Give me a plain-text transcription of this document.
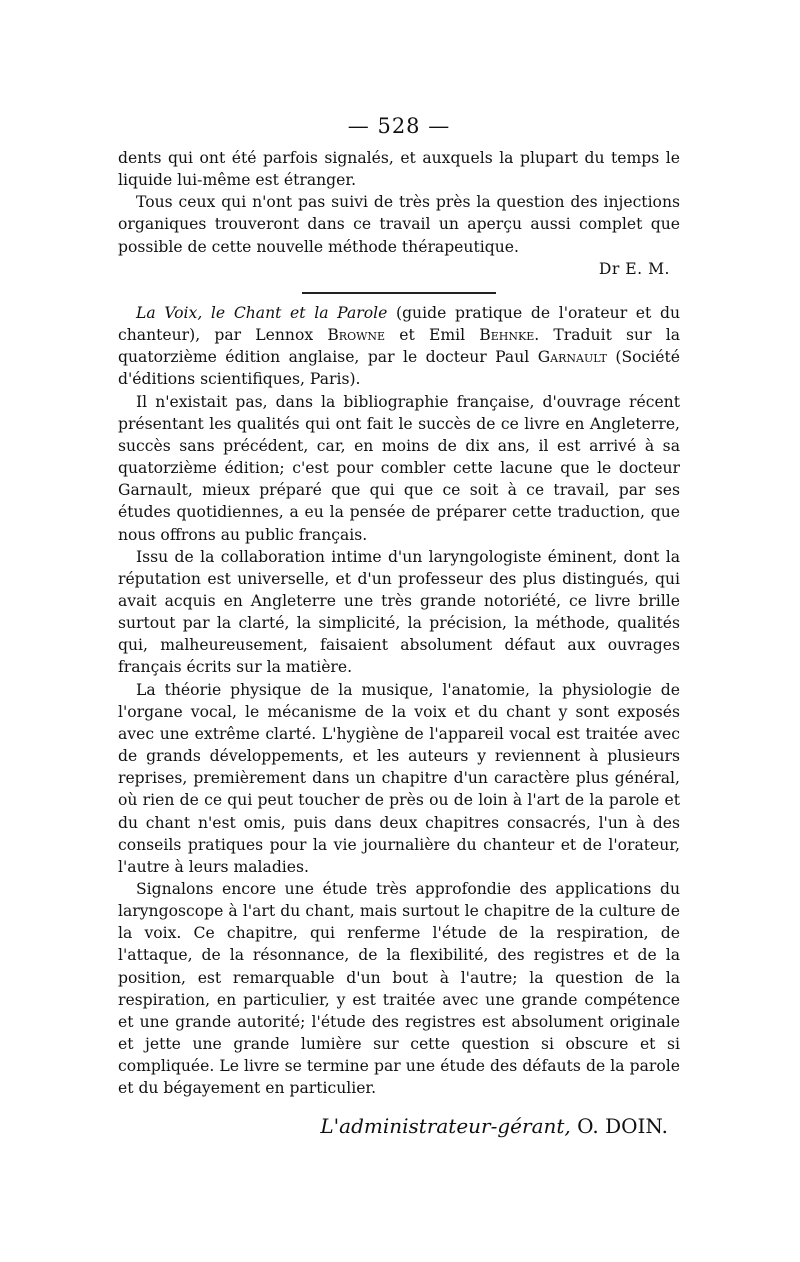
— 528 —

dents qui ont été parfois signalés, et auxquels la plupart du temps le liquide lui-même est étranger.

Tous ceux qui n'ont pas suivi de très près la question des injections organiques trouveront dans ce travail un aperçu aussi complet que possible de cette nouvelle méthode thérapeutique.

Dr E. M.

La Voix, le Chant et la Parole (guide pratique de l'orateur et du chanteur), par Lennox Browne et Emil Behnke. Traduit sur la quatorzième édition anglaise, par le docteur Paul Garnault (Société d'éditions scientifiques, Paris).

Il n'existait pas, dans la bibliographie française, d'ouvrage récent présentant les qualités qui ont fait le succès de ce livre en Angleterre, succès sans précédent, car, en moins de dix ans, il est arrivé à sa quatorzième édition; c'est pour combler cette lacune que le docteur Garnault, mieux préparé que qui que ce soit à ce travail, par ses études quotidiennes, a eu la pensée de préparer cette traduction, que nous offrons au public français.

Issu de la collaboration intime d'un laryngologiste éminent, dont la réputation est universelle, et d'un professeur des plus distingués, qui avait acquis en Angleterre une très grande notoriété, ce livre brille surtout par la clarté, la simplicité, la précision, la méthode, qualités qui, malheureusement, faisaient absolument défaut aux ouvrages français écrits sur la matière.

La théorie physique de la musique, l'anatomie, la physiologie de l'organe vocal, le mécanisme de la voix et du chant y sont exposés avec une extrême clarté. L'hygiène de l'appareil vocal est traitée avec de grands développements, et les auteurs y reviennent à plusieurs reprises, premièrement dans un chapitre d'un caractère plus général, où rien de ce qui peut toucher de près ou de loin à l'art de la parole et du chant n'est omis, puis dans deux chapitres consacrés, l'un à des conseils pratiques pour la vie journalière du chanteur et de l'orateur, l'autre à leurs maladies.

Signalons encore une étude très approfondie des applications du laryngoscope à l'art du chant, mais surtout le chapitre de la culture de la voix. Ce chapitre, qui renferme l'étude de la respiration, de l'attaque, de la résonnance, de la flexibilité, des registres et de la position, est remarquable d'un bout à l'autre; la question de la respiration, en particulier, y est traitée avec une grande compétence et une grande autorité; l'étude des registres est absolument originale et jette une grande lumière sur cette question si obscure et si compliquée. Le livre se termine par une étude des défauts de la parole et du bégayement en particulier.

L'administrateur-gérant, O. DOIN.
